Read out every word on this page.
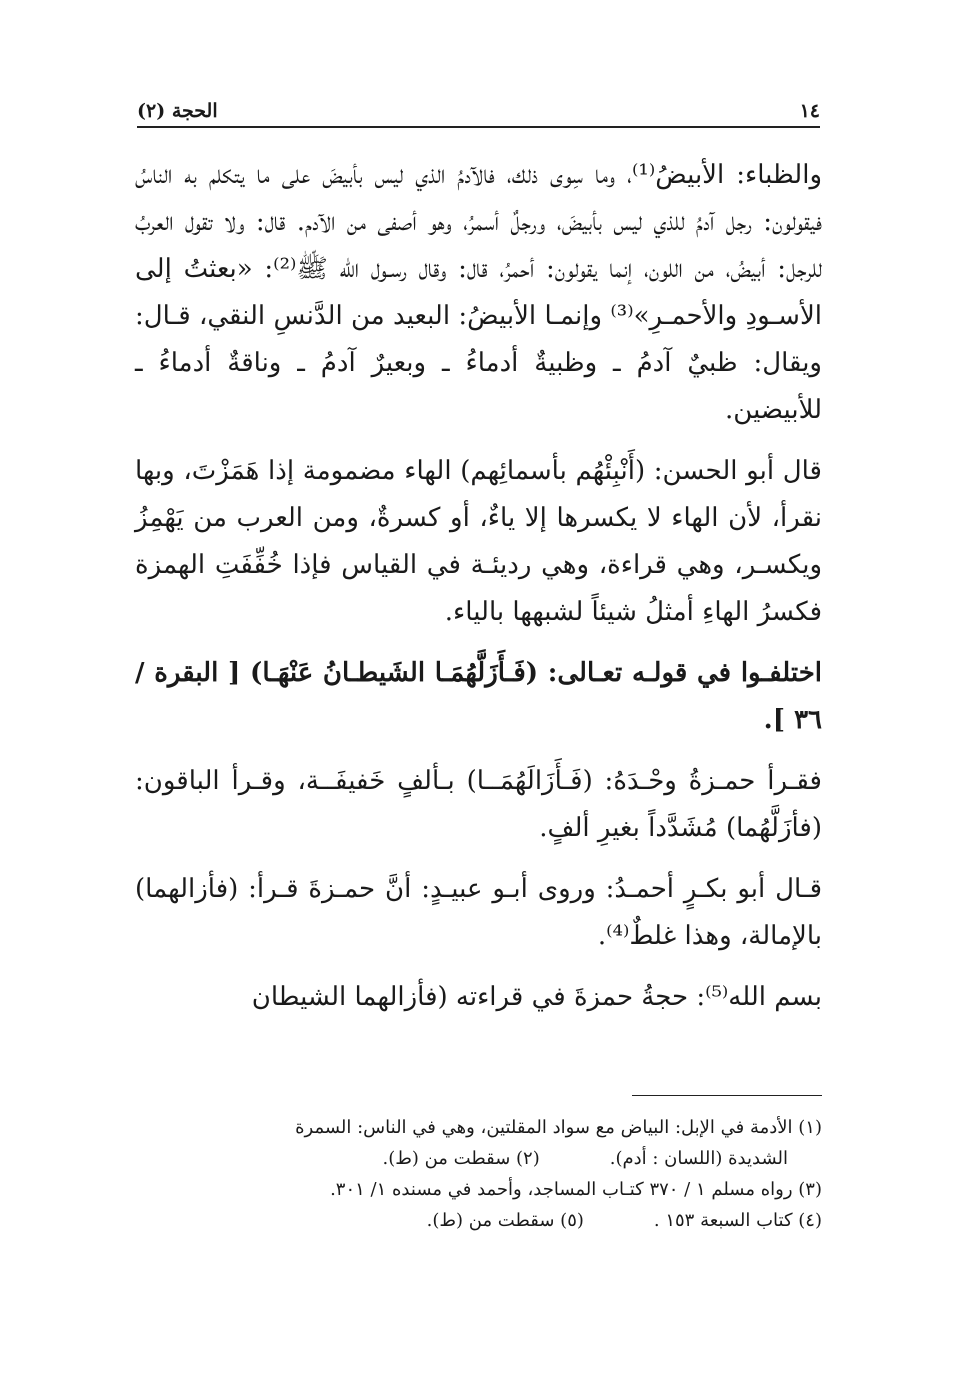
١٤
الحجة (٢)

والظباء: الأبيضُ⁽¹⁾، وما سِوى ذلك، فالآدمُ الذي ليس بأبيضَ على ما يتكلم به الناسُ فيقولون: رجل آدمُ للذي ليس بأبيضَ، ورجلٌ أسمرُ، وهو أصفى من الآدم. قال: ولا تقول العربُ للرجل: أبيضُ، من اللون، إنما يقولون: أحمرُ، قال: وقال رسـول الله ﷺ⁽²⁾: «بعثتُ إلى الأسـودِ والأحمـرِ»⁽³⁾ وإنمـا الأبيضُ: البعيد من الدَّنسِ النقي، قـال: ويقال: ظبيٌ آدمُ ـ وظبيةٌ أدماءُ ـ وبعيرٌ آدمُ ـ وناقةٌ أدماءُ ـ للأبيضين.

قال أبو الحسن: (أَنْبِئْهُم بأسمائِهم) الهاء مضمومة إذا هَمَزْتَ، وبها نقرأ، لأن الهاء لا يكسرها إلا ياءٌ، أو كسرةٌ، ومن العرب من يَهْمِزُ ويكسـر، وهي قراءة، وهي رديئـة في القياس فإذا خُفِّفَتِ الهمزة فكسرُ الهاءِ أمثلُ شيئاً لشبهها بالياء.

اختلفـوا في قولـه تعـالى: (فَـأَزَلَّهُمَـا الشَيطـانُ عَنْهَـا) [ البقرة / ٣٦ ].

فقـرأ حمـزةُ وحْـدَهُ: (فَـأَزَالَهُمَــا) بـألفٍ خَفيفَــة، وقـرأ الباقون: (فأزَلَّهُما) مُشَدَّداً بغيرِ ألفٍ.

قـال أبو بكـرٍ أحمـدُ: وروى أبـو عبيـدٍ: أنَّ حمـزةَ قـرأ: (فأزالهما) بالإمالة، وهذا غلطٌ⁽⁴⁾.

بسم الله⁽⁵⁾: حجةُ حمزةَ في قراءته (فأزالهما الشيطان

(١) الأدمة في الإبل: البياض مع سواد المقلتين، وهي في الناس: السمرة
الشديدة (اللسان : أدم).
(٢) سقطت من (ط).
(٣) رواه مسلم ١ / ٣٧٠ كتـاب المساجد، وأحمد في مسنده ١/ ٣٠١.
(٤) كتاب السبعة ١٥٣ .
(٥) سقطت من (ط).
